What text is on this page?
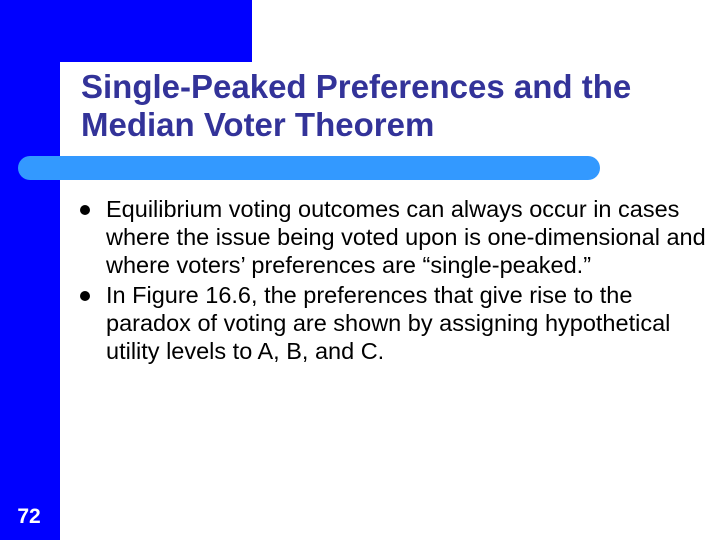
Single-Peaked Preferences and the Median Voter Theorem
Equilibrium voting outcomes can always occur in cases where the issue being voted upon is one-dimensional and where voters’ preferences are “single-peaked.”
In Figure 16.6, the preferences that give rise to the paradox of voting are shown by assigning hypothetical utility levels to A, B, and C.
72
